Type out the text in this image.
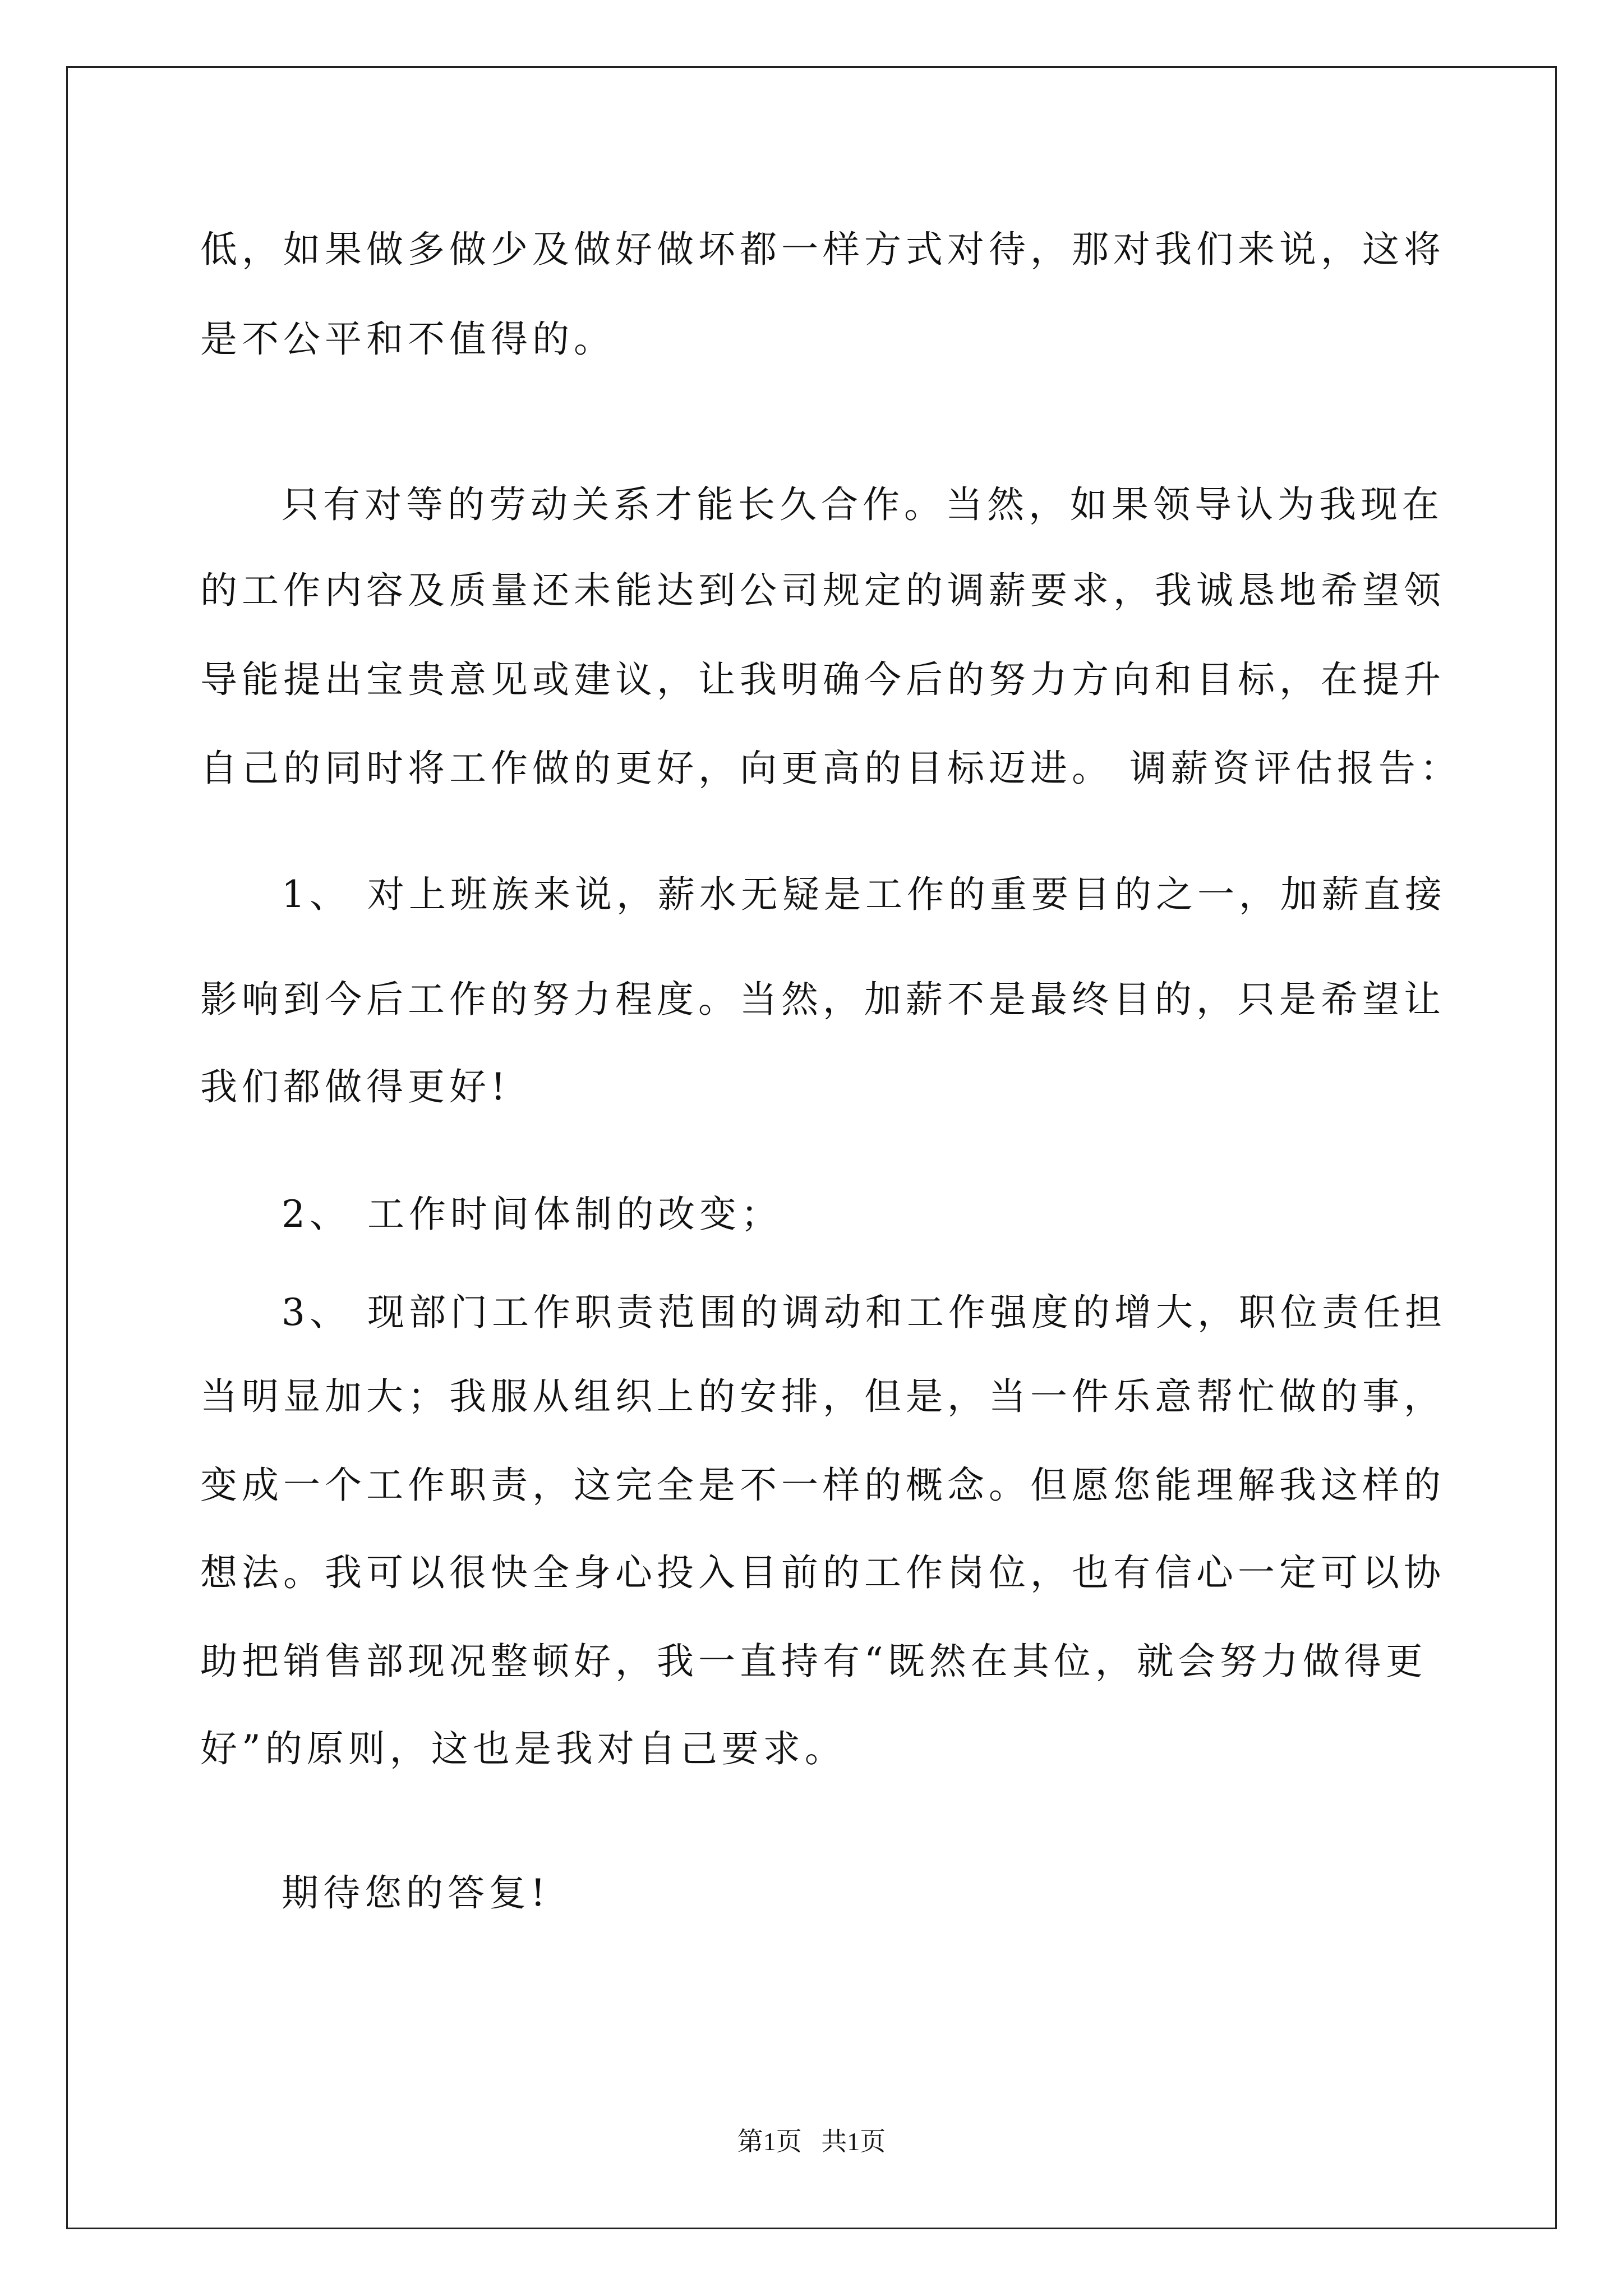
低，如果做多做少及做好做坏都一样方式对待，那对我们来说，这将
是不公平和不值得的。
只有对等的劳动关系才能长久合作。当然，如果领导认为我现在
的工作内容及质量还未能达到公司规定的调薪要求，我诚恳地希望领
导能提出宝贵意见或建议，让我明确今后的努力方向和目标，在提升
自己的同时将工作做的更好，向更高的目标迈进。 调薪资评估报告：
1、 对上班族来说，薪水无疑是工作的重要目的之一，加薪直接
影响到今后工作的努力程度。当然，加薪不是最终目的，只是希望让
我们都做得更好!
2、 工作时间体制的改变；
3、 现部门工作职责范围的调动和工作强度的增大，职位责任担
当明显加大；我服从组织上的安排，但是，当一件乐意帮忙做的事，
变成一个工作职责，这完全是不一样的概念。但愿您能理解我这样的
想法。我可以很快全身心投入目前的工作岗位，也有信心一定可以协
助把销售部现况整顿好，我一直持有“既然在其位，就会努力做得更
好”的原则，这也是我对自己要求。
期待您的答复!
第1页   共1页
